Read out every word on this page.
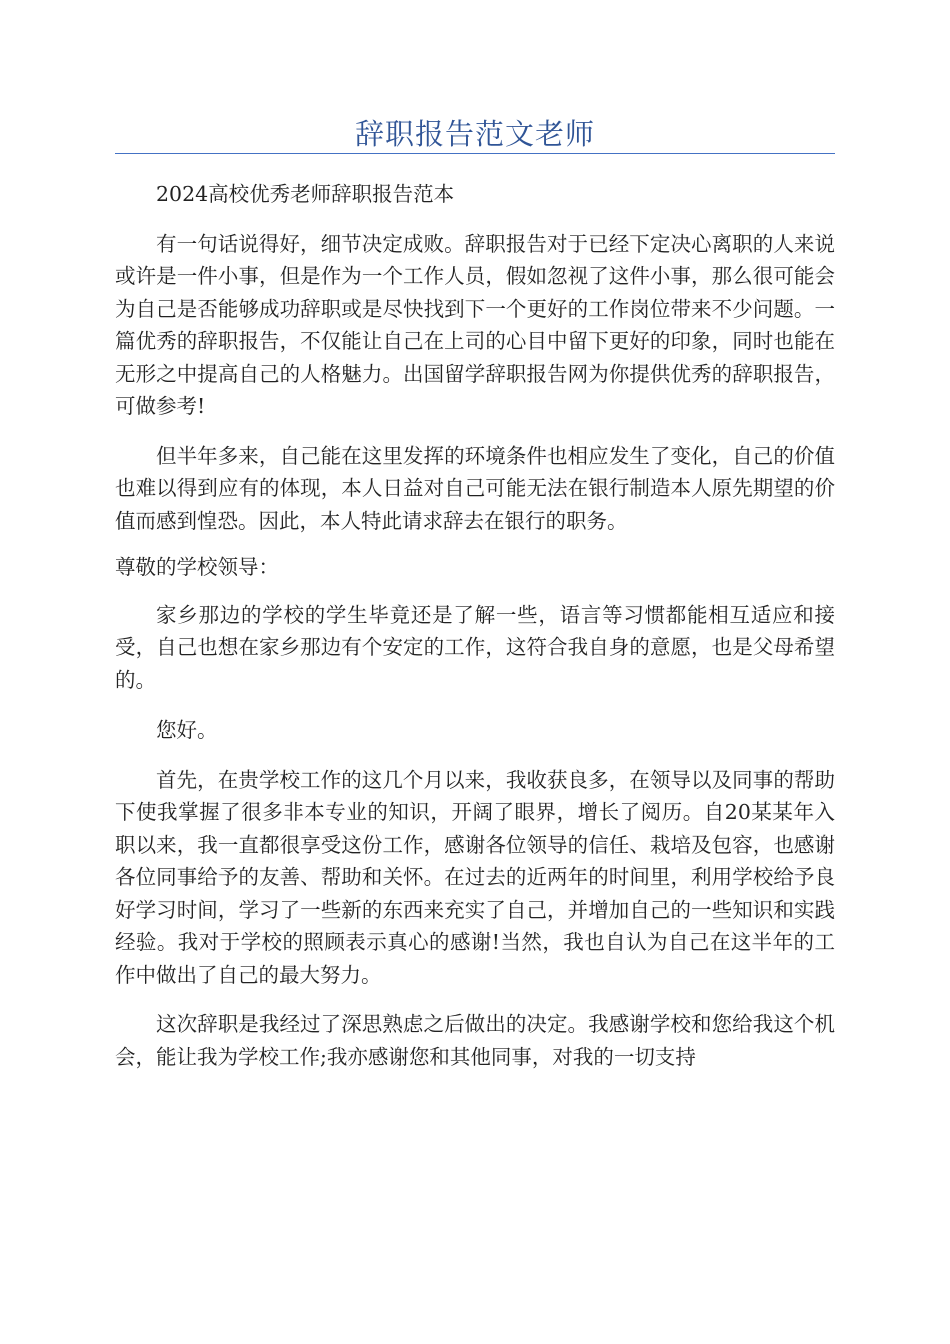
辞职报告范文老师

2024高校优秀老师辞职报告范本

有一句话说得好，细节决定成败。辞职报告对于已经下定决心离职的人来说或许是一件小事，但是作为一个工作人员，假如忽视了这件小事，那么很可能会为自己是否能够成功辞职或是尽快找到下一个更好的工作岗位带来不少问题。一篇优秀的辞职报告，不仅能让自己在上司的心目中留下更好的印象，同时也能在无形之中提高自己的人格魅力。出国留学辞职报告网为你提供优秀的辞职报告，可做参考!

但半年多来，自己能在这里发挥的环境条件也相应发生了变化，自己的价值也难以得到应有的体现，本人日益对自己可能无法在银行制造本人原先期望的价值而感到惶恐。因此，本人特此请求辞去在银行的职务。

尊敬的学校领导：

家乡那边的学校的学生毕竟还是了解一些，语言等习惯都能相互适应和接受，自己也想在家乡那边有个安定的工作，这符合我自身的意愿，也是父母希望的。

您好。

首先，在贵学校工作的这几个月以来，我收获良多，在领导以及同事的帮助下使我掌握了很多非本专业的知识，开阔了眼界，增长了阅历。自20某某年入职以来，我一直都很享受这份工作，感谢各位领导的信任、栽培及包容，也感谢各位同事给予的友善、帮助和关怀。在过去的近两年的时间里，利用学校给予良好学习时间，学习了一些新的东西来充实了自己，并增加自己的一些知识和实践经验。我对于学校的照顾表示真心的感谢!当然，我也自认为自己在这半年的工作中做出了自己的最大努力。

这次辞职是我经过了深思熟虑之后做出的决定。我感谢学校和您给我这个机会，能让我为学校工作;我亦感谢您和其他同事，对我的一切支持
